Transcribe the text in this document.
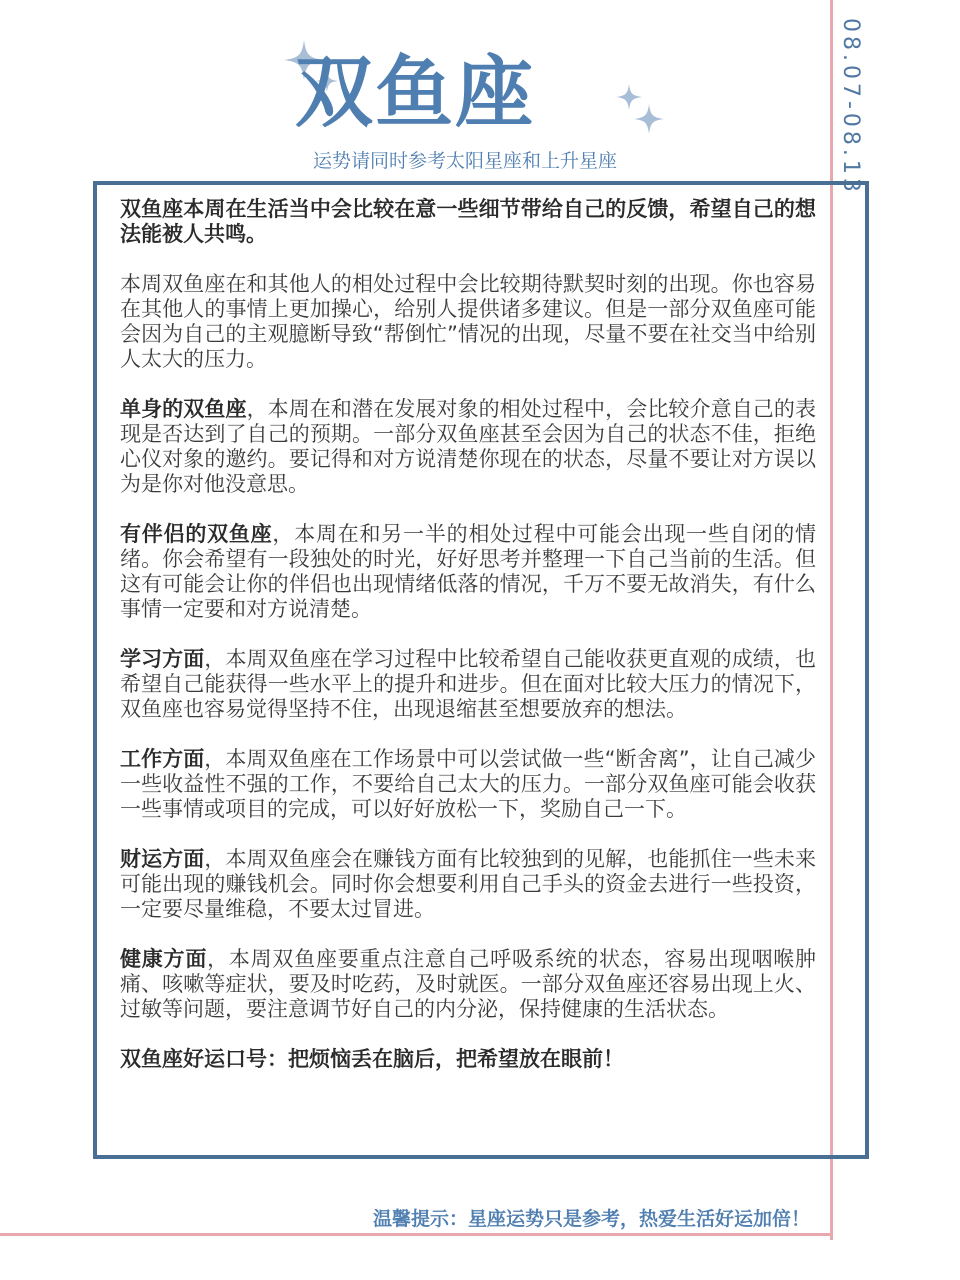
08.07-08.13
双鱼座
运势请同时参考太阳星座和上升星座

双鱼座本周在生活当中会比较在意一些细节带给自己的反馈，希望自己的想法能被人共鸣。

本周双鱼座在和其他人的相处过程中会比较期待默契时刻的出现。你也容易在其他人的事情上更加操心，给别人提供诸多建议。但是一部分双鱼座可能会因为自己的主观臆断导致“帮倒忙”情况的出现，尽量不要在社交当中给别人太大的压力。

单身的双鱼座，本周在和潜在发展对象的相处过程中，会比较介意自己的表现是否达到了自己的预期。一部分双鱼座甚至会因为自己的状态不佳，拒绝心仪对象的邀约。要记得和对方说清楚你现在的状态，尽量不要让对方误以为是你对他没意思。

有伴侣的双鱼座，本周在和另一半的相处过程中可能会出现一些自闭的情绪。你会希望有一段独处的时光，好好思考并整理一下自己当前的生活。但这有可能会让你的伴侣也出现情绪低落的情况，千万不要无故消失，有什么事情一定要和对方说清楚。

学习方面，本周双鱼座在学习过程中比较希望自己能收获更直观的成绩，也希望自己能获得一些水平上的提升和进步。但在面对比较大压力的情况下，双鱼座也容易觉得坚持不住，出现退缩甚至想要放弃的想法。

工作方面，本周双鱼座在工作场景中可以尝试做一些“断舍离”，让自己减少一些收益性不强的工作，不要给自己太大的压力。一部分双鱼座可能会收获一些事情或项目的完成，可以好好放松一下，奖励自己一下。

财运方面，本周双鱼座会在赚钱方面有比较独到的见解，也能抓住一些未来可能出现的赚钱机会。同时你会想要利用自己手头的资金去进行一些投资，一定要尽量维稳，不要太过冒进。

健康方面，本周双鱼座要重点注意自己呼吸系统的状态，容易出现咽喉肿痛、咳嗽等症状，要及时吃药，及时就医。一部分双鱼座还容易出现上火、过敏等问题，要注意调节好自己的内分泌，保持健康的生活状态。

双鱼座好运口号：把烦恼丢在脑后，把希望放在眼前！

温馨提示：星座运势只是参考，热爱生活好运加倍！
